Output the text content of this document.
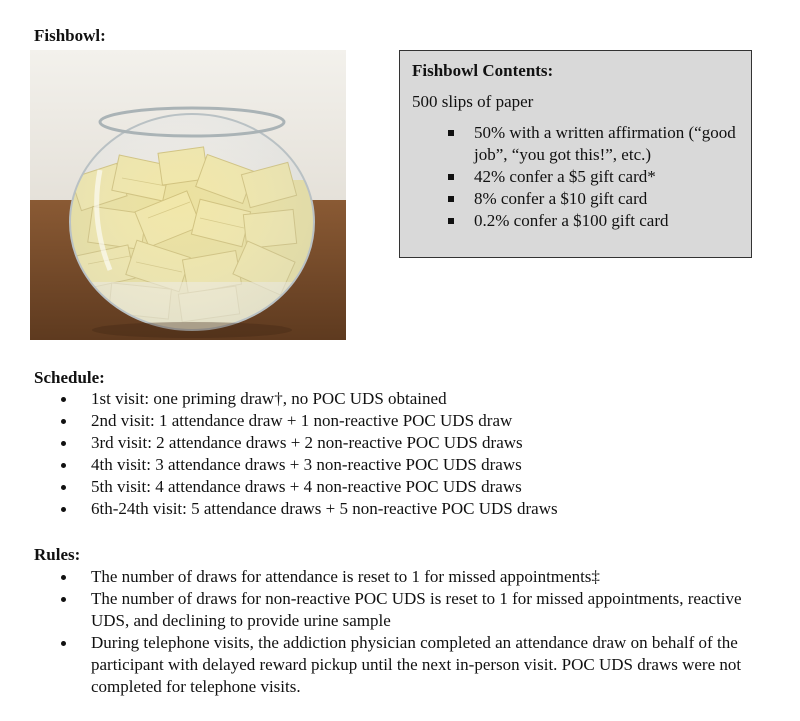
Fishbowl:

Fishbowl Contents:

500 slips of paper

50% with a written affirmation (“good job”, “you got this!”, etc.)
42% confer a $5 gift card*
8% confer a $10 gift card
0.2% confer a $100 gift card
Schedule:
1st visit: one priming draw†, no POC UDS obtained
2nd visit: 1 attendance draw + 1 non-reactive POC UDS draw
3rd visit: 2 attendance draws + 2 non-reactive POC UDS draws
4th visit: 3 attendance draws + 3 non-reactive POC UDS draws
5th visit: 4 attendance draws + 4 non-reactive POC UDS draws
6th-24th visit: 5 attendance draws + 5 non-reactive POC UDS draws
Rules:
The number of draws for attendance is reset to 1 for missed appointments‡
The number of draws for non-reactive POC UDS is reset to 1 for missed appointments, reactive UDS, and declining to provide urine sample
During telephone visits, the addiction physician completed an attendance draw on behalf of the participant with delayed reward pickup until the next in-person visit. POC UDS draws were not completed for telephone visits.
